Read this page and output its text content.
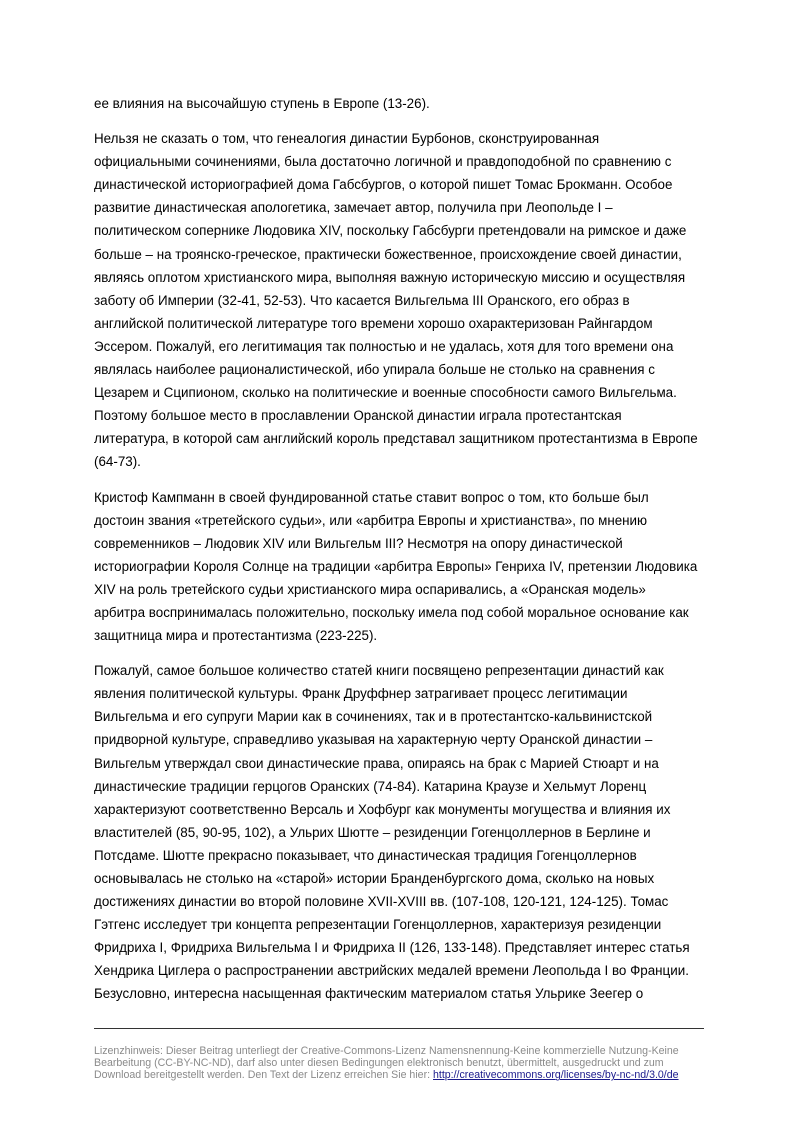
ее влияния на высочайшую ступень в Европе (13-26).

Нельзя не сказать о том, что генеалогия династии Бурбонов, сконструированная
официальными сочинениями, была достаточно логичной и правдоподобной по сравнению с
династической историографией дома Габсбургов, о которой пишет Томас Брокманн. Особое
развитие династическая апологетика, замечает автор, получила при Леопольде I –
политическом сопернике Людовика XIV, поскольку Габсбурги претендовали на римское и даже
больше – на троянско-греческое, практически божественное, происхождение своей династии,
являясь оплотом христианского мира, выполняя важную историческую миссию и осуществляя
заботу об Империи (32-41, 52-53). Что касается Вильгельма III Оранского, его образ в
английской политической литературе того времени хорошо охарактеризован Райнгардом
Эссером. Пожалуй, его легитимация так полностью и не удалась, хотя для того времени она
являлась наиболее рационалистической, ибо упирала больше не столько на сравнения с
Цезарем и Сципионом, сколько на политические и военные способности самого Вильгельма.
Поэтому большое место в прославлении Оранской династии играла протестантская
литература, в которой сам английский король представал защитником протестантизма в Европе
(64-73).

Кристоф Кампманн в своей фундированной статье ставит вопрос о том, кто больше был
достоин звания «третейского судьи», или «арбитра Европы и христианства», по мнению
современников – Людовик XIV или Вильгельм III? Несмотря на опору династической
историографии Короля Солнце на традиции «арбитра Европы» Генриха IV, претензии Людовика
XIV на роль третейского судьи христианского мира оспаривались, а «Оранская модель»
арбитра воспринималась положительно, поскольку имела под собой моральное основание как
защитница мира и протестантизма (223-225).

Пожалуй, самое большое количество статей книги посвящено репрезентации династий как
явления политической культуры. Франк Друффнер затрагивает процесс легитимации
Вильгельма и его супруги Марии как в сочинениях, так и в протестантско-кальвинистской
придворной культуре, справедливо указывая на характерную черту Оранской династии –
Вильгельм утверждал свои династические права, опираясь на брак с Марией Стюарт и на
династические традиции герцогов Оранских (74-84). Катарина Краузе и Хельмут Лоренц
характеризуют соответственно Версаль и Хофбург как монументы могущества и влияния их
властителей (85, 90-95, 102), а Ульрих Шютте – резиденции Гогенцоллернов в Берлине и
Потсдаме. Шютте прекрасно показывает, что династическая традиция Гогенцоллернов
основывалась не столько на «старой» истории Бранденбургского дома, сколько на новых
достижениях династии во второй половине XVII-XVIII вв. (107-108, 120-121, 124-125). Томас
Гэтгенс исследует три концепта репрезентации Гогенцоллернов, характеризуя резиденции
Фридриха I, Фридриха Вильгельма I и Фридриха II (126, 133-148). Представляет интерес статья
Хендрика Циглера о распространении австрийских медалей времени Леопольда I во Франции.
Безусловно, интересна насыщенная фактическим материалом статья Ульрике Зеегер о

Lizenzhinweis: Dieser Beitrag unterliegt der Creative-Commons-Lizenz Namensnennung-Keine kommerzielle Nutzung-Keine
Bearbeitung (CC-BY-NC-ND), darf also unter diesen Bedingungen elektronisch benutzt, übermittelt, ausgedruckt und zum
Download bereitgestellt werden. Den Text der Lizenz erreichen Sie hier: http://creativecommons.org/licenses/by-nc-nd/3.0/de
